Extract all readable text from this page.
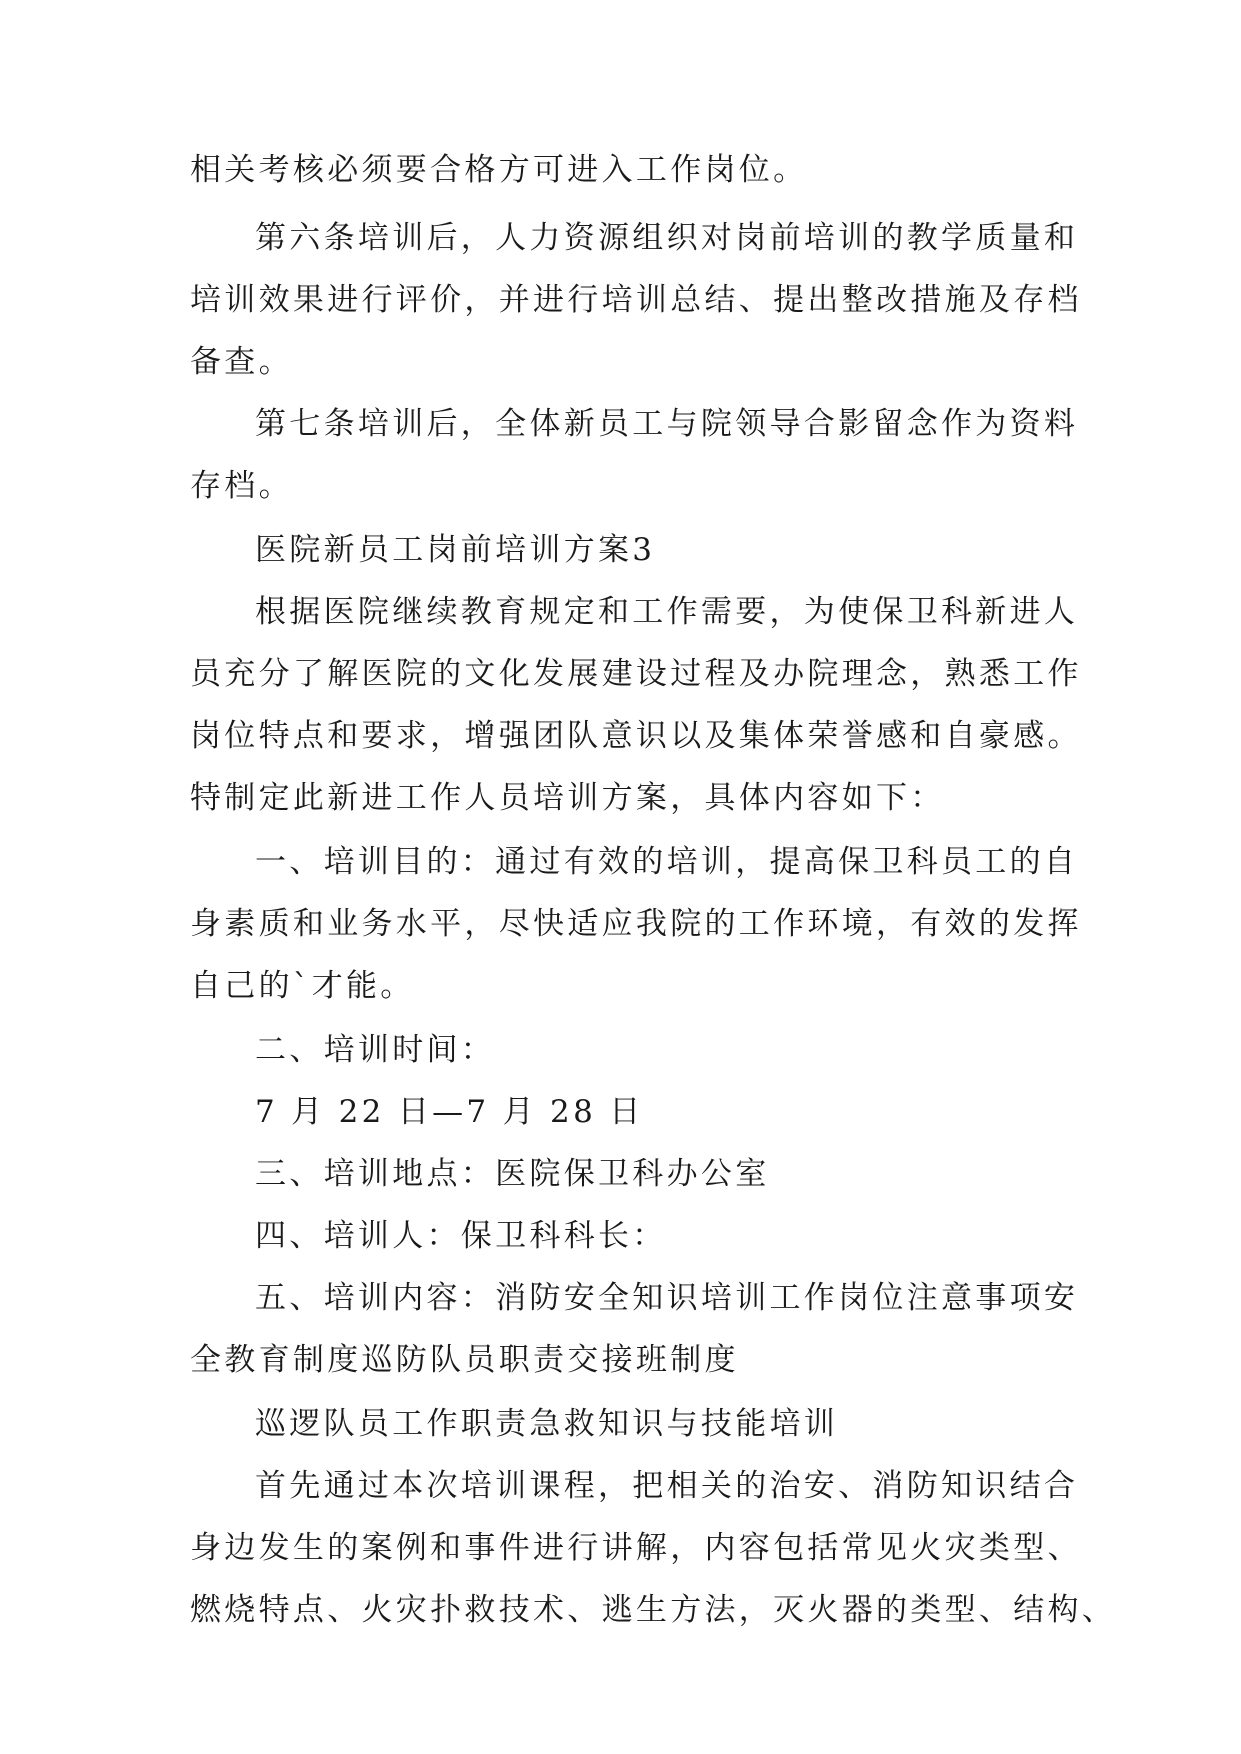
相关考核必须要合格方可进入工作岗位。
第六条培训后，人力资源组织对岗前培训的教学质量和
培训效果进行评价，并进行培训总结、提出整改措施及存档
备查。
第七条培训后，全体新员工与院领导合影留念作为资料
存档。
医院新员工岗前培训方案3
根据医院继续教育规定和工作需要，为使保卫科新进人
员充分了解医院的文化发展建设过程及办院理念，熟悉工作
岗位特点和要求，增强团队意识以及集体荣誉感和自豪感。
特制定此新进工作人员培训方案，具体内容如下：
一、培训目的：通过有效的培训，提高保卫科员工的自
身素质和业务水平，尽快适应我院的工作环境，有效的发挥
自己的`才能。
二、培训时间：
7 月 22 日—7 月 28 日
三、培训地点：医院保卫科办公室
四、培训人：保卫科科长：
五、培训内容：消防安全知识培训工作岗位注意事项安
全教育制度巡防队员职责交接班制度
巡逻队员工作职责急救知识与技能培训
首先通过本次培训课程，把相关的治安、消防知识结合
身边发生的案例和事件进行讲解，内容包括常见火灾类型、
燃烧特点、火灾扑救技术、逃生方法，灭火器的类型、结构、
